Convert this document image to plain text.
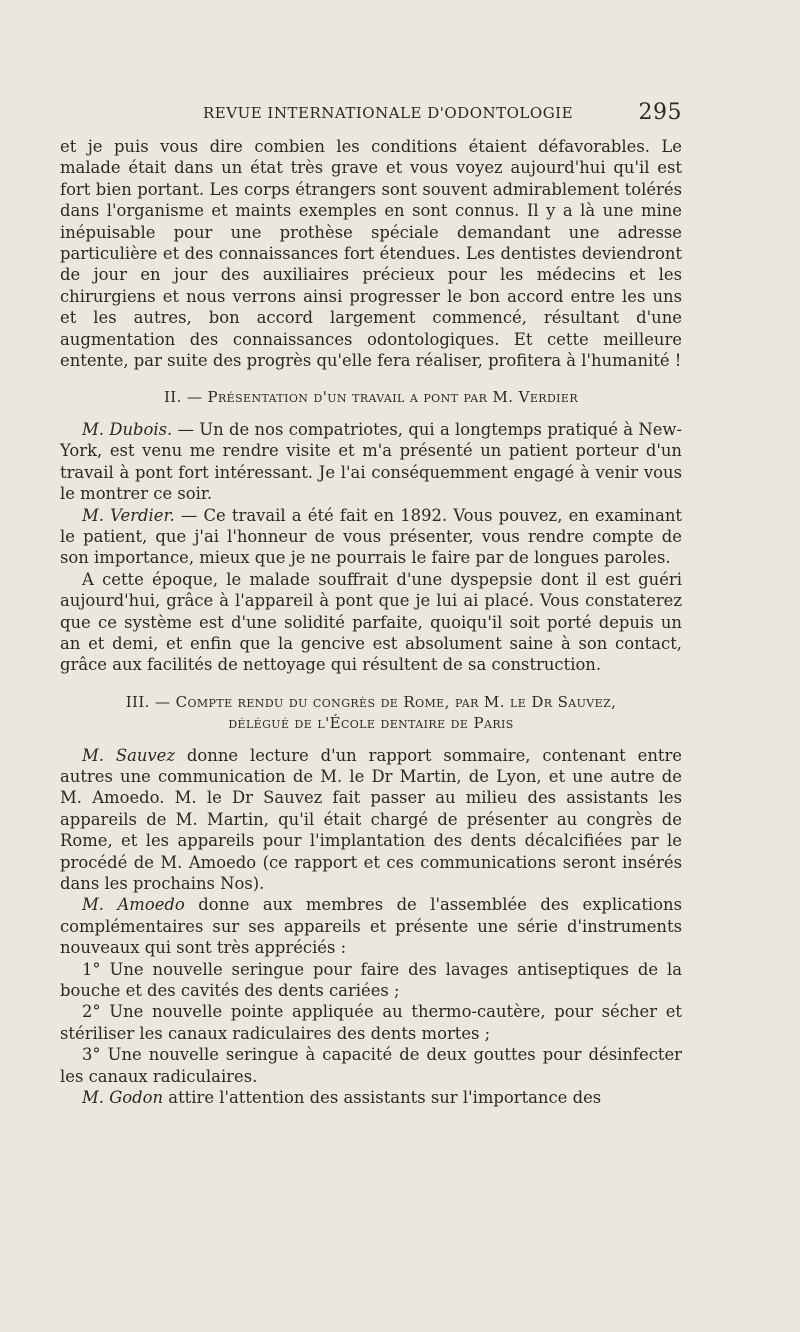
REVUE INTERNATIONALE D'ODONTOLOGIE	295

et je puis vous dire combien les conditions étaient défavorables. Le malade était dans un état très grave et vous voyez aujourd'hui qu'il est fort bien portant. Les corps étrangers sont souvent admirablement tolérés dans l'organisme et maints exemples en sont connus. Il y a là une mine inépuisable pour une prothèse spéciale demandant une adresse particulière et des connaissances fort étendues. Les dentistes deviendront de jour en jour des auxiliaires précieux pour les médecins et les chirurgiens et nous verrons ainsi progresser le bon accord entre les uns et les autres, bon accord largement commencé, résultant d'une augmentation des connaissances odontologiques. Et cette meilleure entente, par suite des progrès qu'elle fera réaliser, profitera à l'humanité !

II. — Présentation d'un travail a pont par M. Verdier

M. Dubois. — Un de nos compatriotes, qui a longtemps pratiqué à New-York, est venu me rendre visite et m'a présenté un patient porteur d'un travail à pont fort intéressant. Je l'ai conséquemment engagé à venir vous le montrer ce soir.

M. Verdier. — Ce travail a été fait en 1892. Vous pouvez, en examinant le patient, que j'ai l'honneur de vous présenter, vous rendre compte de son importance, mieux que je ne pourrais le faire par de longues paroles.

A cette époque, le malade souffrait d'une dyspepsie dont il est guéri aujourd'hui, grâce à l'appareil à pont que je lui ai placé. Vous constaterez que ce système est d'une solidité parfaite, quoiqu'il soit porté depuis un an et demi, et enfin que la gencive est absolument saine à son contact, grâce aux facilités de nettoyage qui résultent de sa construction.

III. — Compte rendu du congrès de Rome, par M. le Dr Sauvez,
délégué de l'École dentaire de Paris

M. Sauvez donne lecture d'un rapport sommaire, contenant entre autres une communication de M. le Dr Martin, de Lyon, et une autre de M. Amoedo. M. le Dr Sauvez fait passer au milieu des assistants les appareils de M. Martin, qu'il était chargé de présenter au congrès de Rome, et les appareils pour l'implantation des dents décalcifiées par le procédé de M. Amoedo (ce rapport et ces communications seront insérés dans les prochains Nos).

M. Amoedo donne aux membres de l'assemblée des explications complémentaires sur ses appareils et présente une série d'instruments nouveaux qui sont très appréciés :

1° Une nouvelle seringue pour faire des lavages antiseptiques de la bouche et des cavités des dents cariées ;

2° Une nouvelle pointe appliquée au thermo-cautère, pour sécher et stériliser les canaux radiculaires des dents mortes ;

3° Une nouvelle seringue à capacité de deux gouttes pour désinfecter les canaux radiculaires.

M. Godon attire l'attention des assistants sur l'importance des
